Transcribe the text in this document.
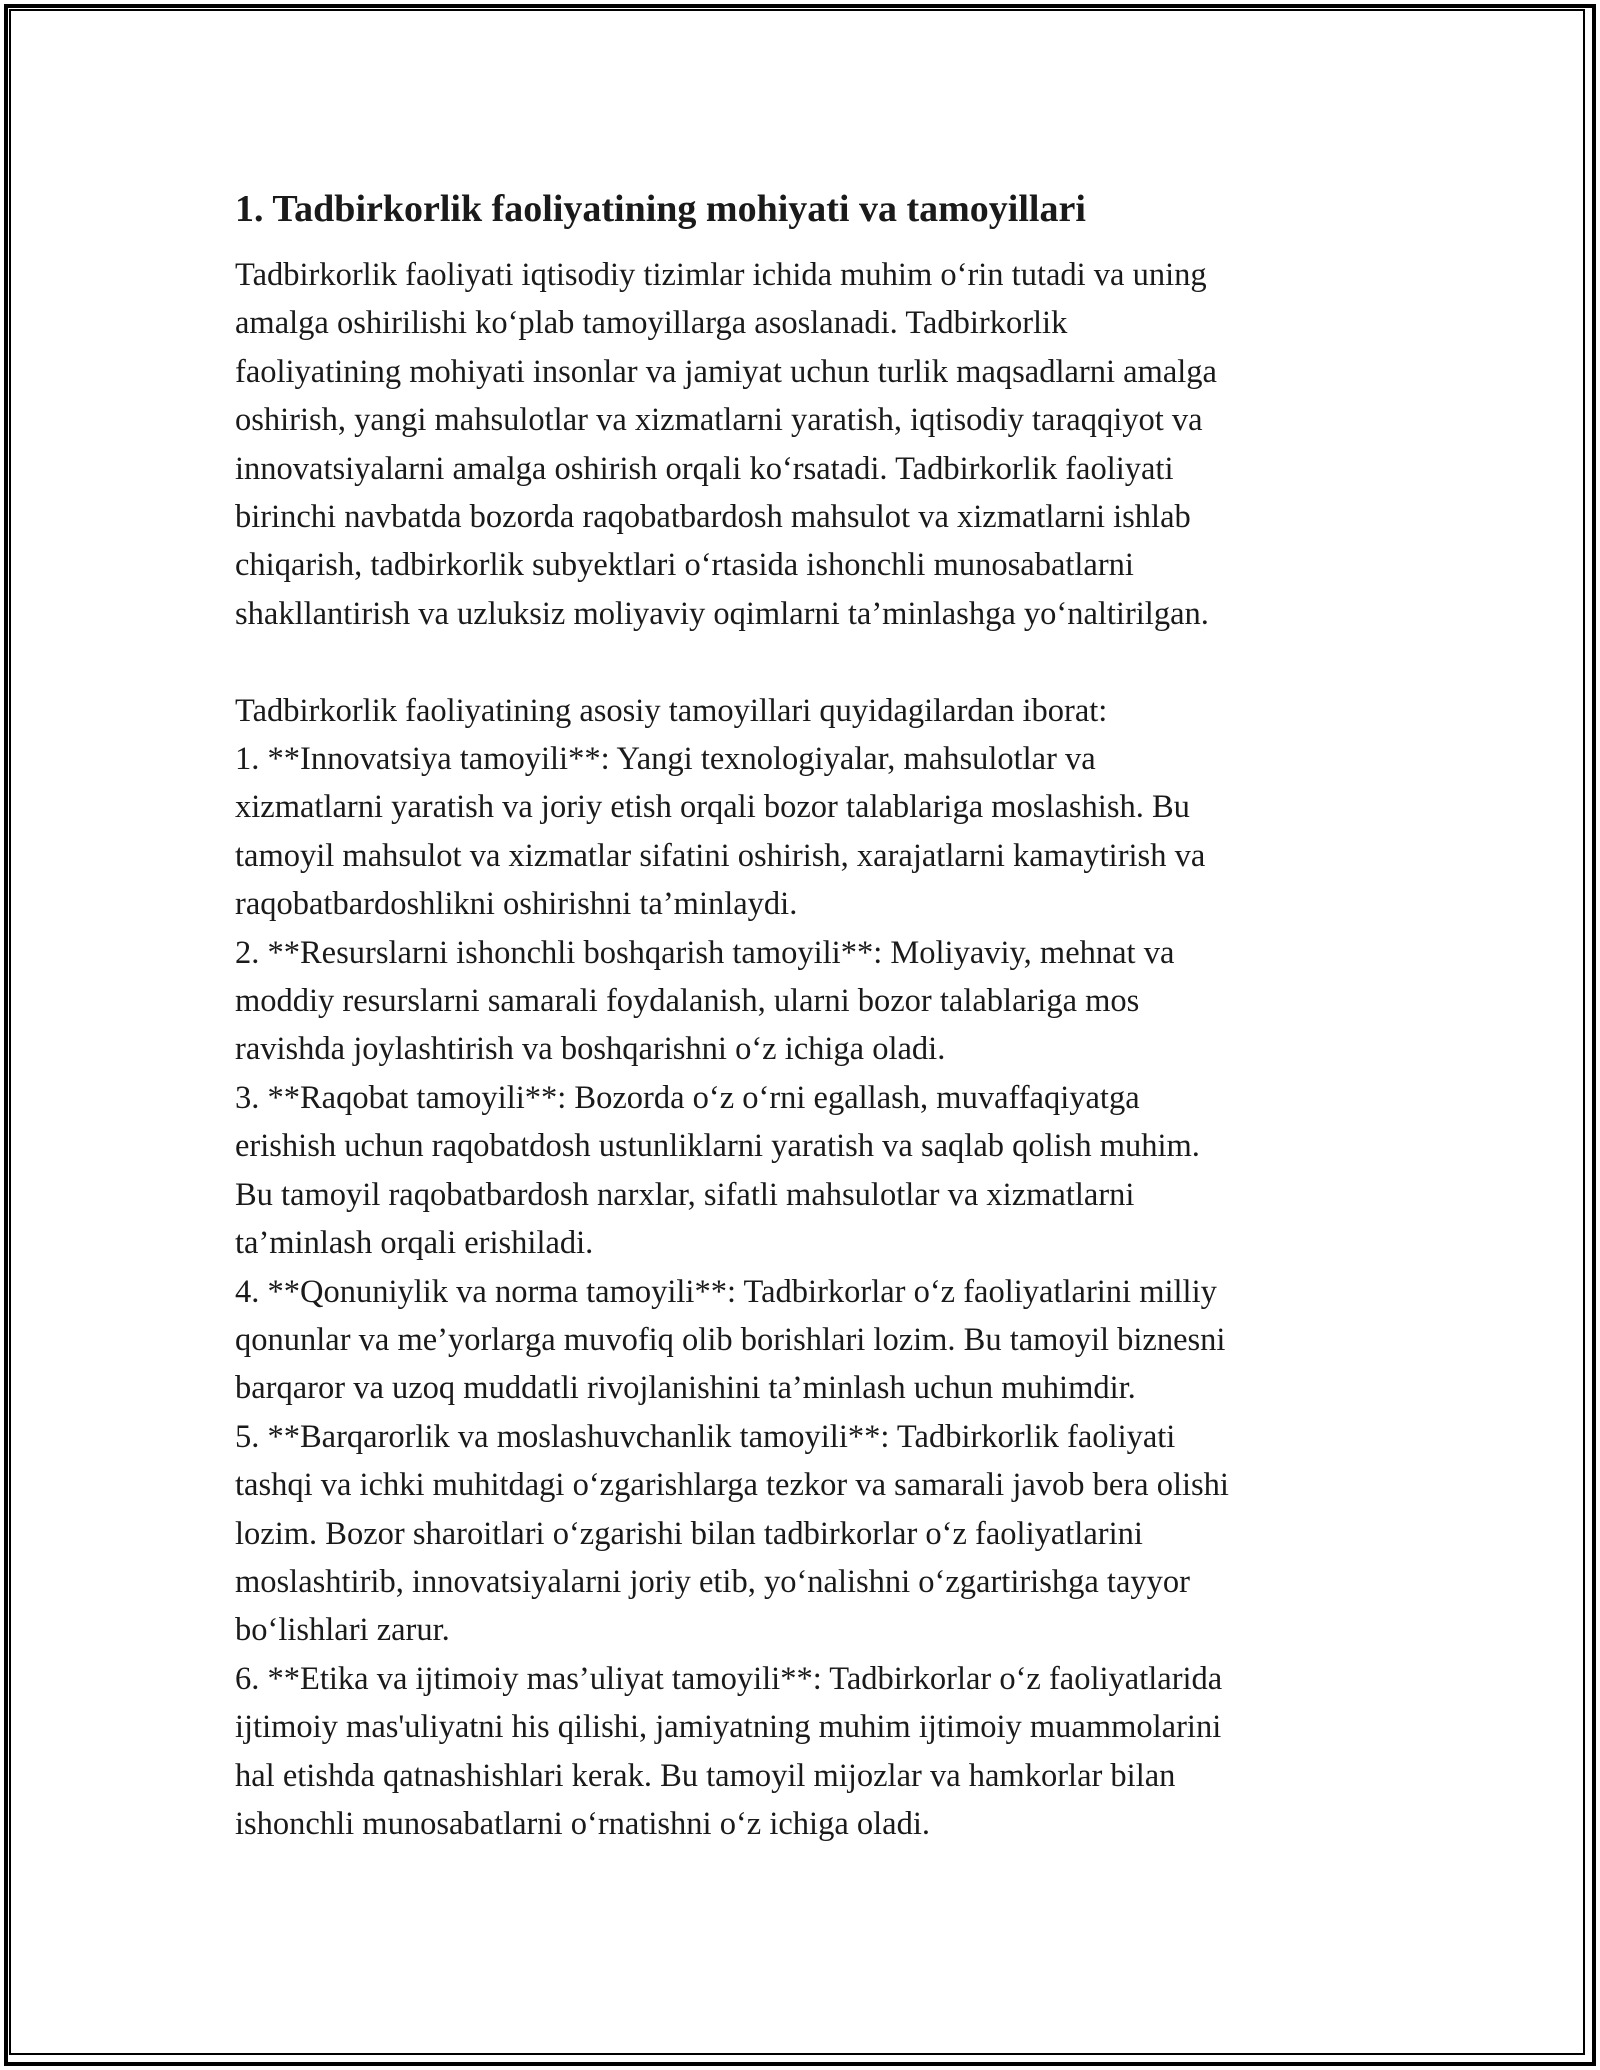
1. Tadbirkorlik faoliyatining mohiyati va tamoyillari
Tadbirkorlik faoliyati iqtisodiy tizimlar ichida muhim o‘rin tutadi va uning
amalga oshirilishi ko‘plab tamoyillarga asoslanadi. Tadbirkorlik
faoliyatining mohiyati insonlar va jamiyat uchun turlik maqsadlarni amalga
oshirish, yangi mahsulotlar va xizmatlarni yaratish, iqtisodiy taraqqiyot va
innovatsiyalarni amalga oshirish orqali ko‘rsatadi. Tadbirkorlik faoliyati
birinchi navbatda bozorda raqobatbardosh mahsulot va xizmatlarni ishlab
chiqarish, tadbirkorlik subyektlari o‘rtasida ishonchli munosabatlarni
shakllantirish va uzluksiz moliyaviy oqimlarni ta’minlashga yo‘naltirilgan.
Tadbirkorlik faoliyatining asosiy tamoyillari quyidagilardan iborat:
1. **Innovatsiya tamoyili**: Yangi texnologiyalar, mahsulotlar va
xizmatlarni yaratish va joriy etish orqali bozor talablariga moslashish. Bu
tamoyil mahsulot va xizmatlar sifatini oshirish, xarajatlarni kamaytirish va
raqobatbardoshlikni oshirishni ta’minlaydi.
2. **Resurslarni ishonchli boshqarish tamoyili**: Moliyaviy, mehnat va
moddiy resurslarni samarali foydalanish, ularni bozor talablariga mos
ravishda joylashtirish va boshqarishni o‘z ichiga oladi.
3. **Raqobat tamoyili**: Bozorda o‘z o‘rni egallash, muvaffaqiyatga
erishish uchun raqobatdosh ustunliklarni yaratish va saqlab qolish muhim.
Bu tamoyil raqobatbardosh narxlar, sifatli mahsulotlar va xizmatlarni
ta’minlash orqali erishiladi.
4. **Qonuniylik va norma tamoyili**: Tadbirkorlar o‘z faoliyatlarini milliy
qonunlar va me’yorlarga muvofiq olib borishlari lozim. Bu tamoyil biznesni
barqaror va uzoq muddatli rivojlanishini ta’minlash uchun muhimdir.
5. **Barqarorlik va moslashuvchanlik tamoyili**: Tadbirkorlik faoliyati
tashqi va ichki muhitdagi o‘zgarishlarga tezkor va samarali javob bera olishi
lozim. Bozor sharoitlari o‘zgarishi bilan tadbirkorlar o‘z faoliyatlarini
moslashtirib, innovatsiyalarni joriy etib, yo‘nalishni o‘zgartirishga tayyor
bo‘lishlari zarur.
6. **Etika va ijtimoiy mas’uliyat tamoyili**: Tadbirkorlar o‘z faoliyatlarida
ijtimoiy mas'uliyatni his qilishi, jamiyatning muhim ijtimoiy muammolarini
hal etishda qatnashishlari kerak. Bu tamoyil mijozlar va hamkorlar bilan
ishonchli munosabatlarni o‘rnatishni o‘z ichiga oladi.
